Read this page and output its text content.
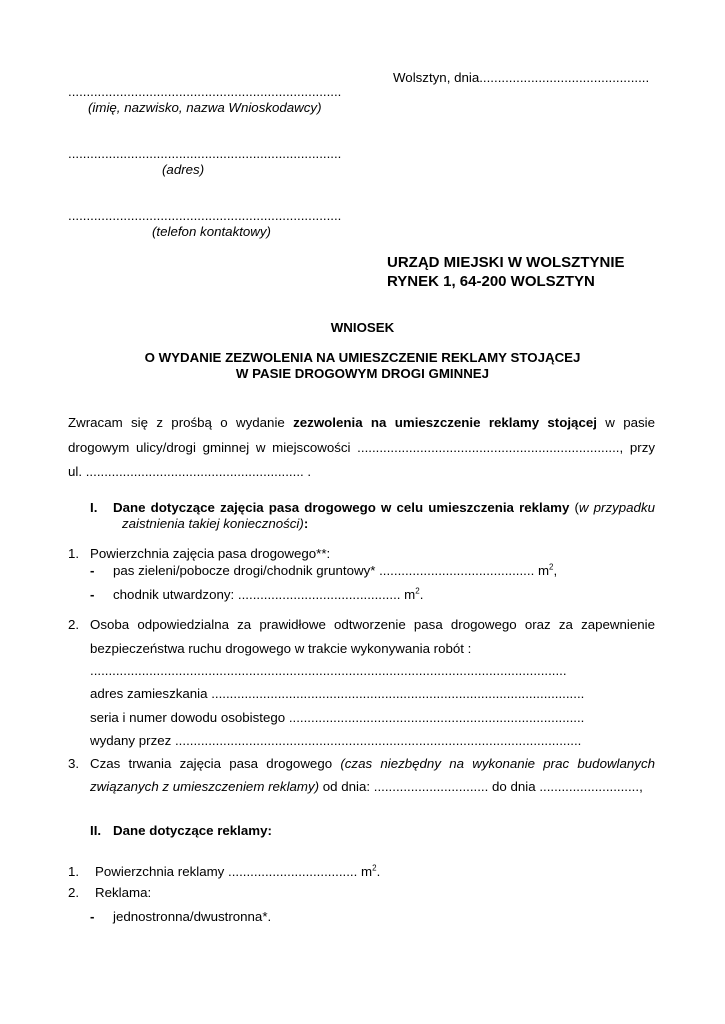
Wolsztyn, dnia..............................................
..........................................................................
(imię, nazwisko, nazwa Wnioskodawcy)
..........................................................................
(adres)
..........................................................................
(telefon kontaktowy)
URZĄD MIEJSKI W WOLSZTYNIE
RYNEK 1, 64-200 WOLSZTYN
WNIOSEK
O WYDANIE ZEZWOLENIA NA UMIESZCZENIE REKLAMY STOJĄCEJ
W PASIE DROGOWYM DROGI GMINNEJ
Zwracam się z prośbą o wydanie zezwolenia na umieszczenie reklamy stojącej w pasie
drogowym ulicy/drogi gminnej w miejscowości ......................................................................., przy
ul. ........................................................... .
I. Dane dotyczące zajęcia pasa drogowego w celu umieszczenia reklamy (w przypadku
zaistnienia takiej konieczności):
1. Powierzchnia zajęcia pasa drogowego**:
- pas zieleni/pobocze drogi/chodnik gruntowy* .......................................... $m^2$,
- chodnik utwardzony: ............................................ $m^2$.
2. Osoba odpowiedzialna za prawidłowe odtworzenie pasa drogowego oraz za zapewnienie
bezpieczeństwa ruchu drogowego w trakcie wykonywania robót :
.................................................................................................................................
adres zamieszkania .....................................................................................................
seria i numer dowodu osobistego ................................................................................
wydany przez ..............................................................................................................
3. Czas trwania zajęcia pasa drogowego (czas niezbędny na wykonanie prac budowlanych
związanych z umieszczeniem reklamy) od dnia: ............................... do dnia ...........................,
II. Dane dotyczące reklamy:
1. Powierzchnia reklamy ................................... $m^2$.
2. Reklama:
- jednostronna/dwustronna*.
